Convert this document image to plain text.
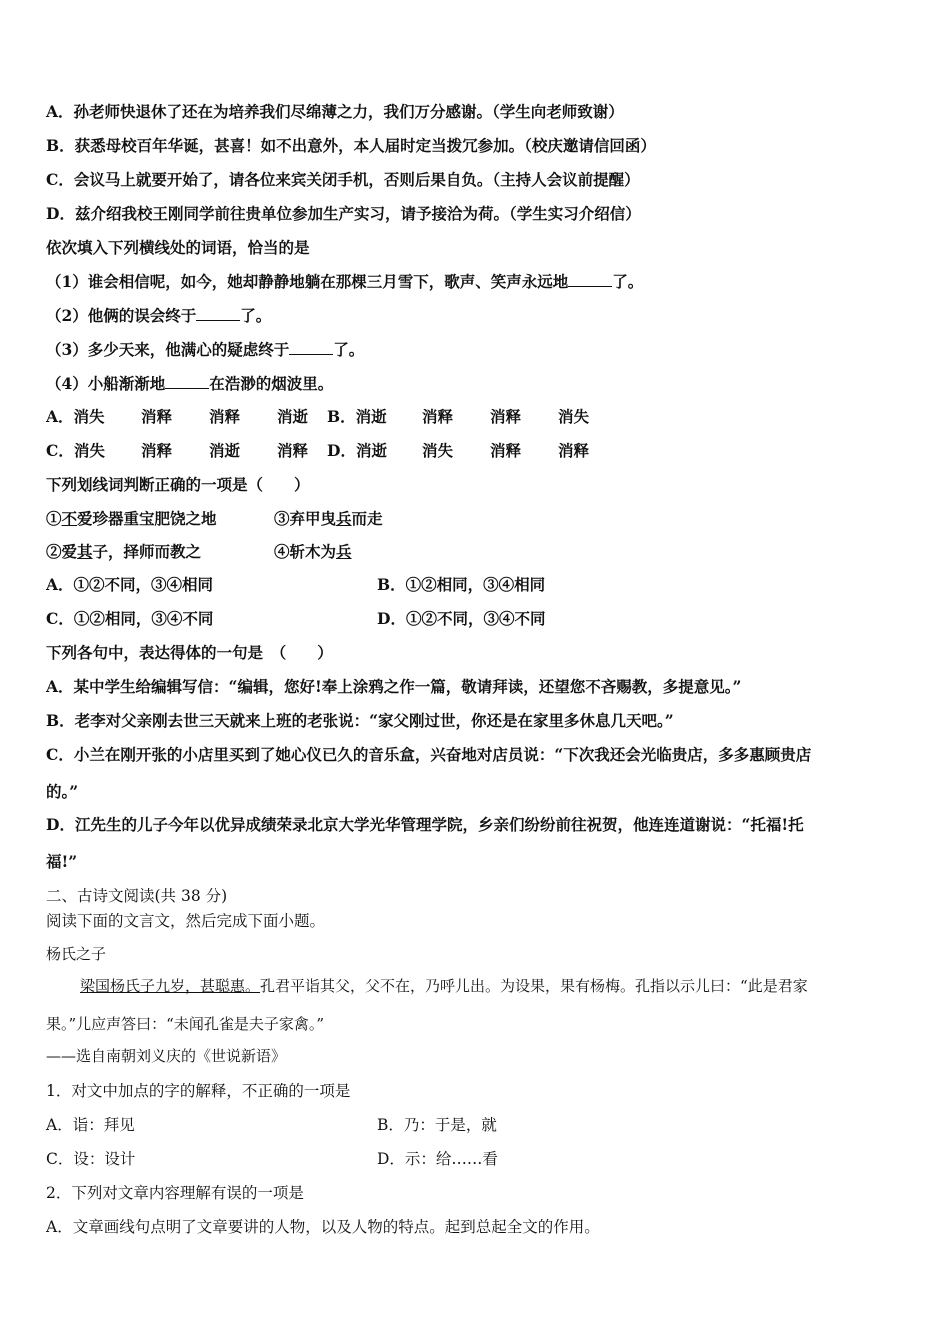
A．孙老师快退休了还在为培养我们尽绵薄之力，我们万分感谢。（学生向老师致谢）
B．获悉母校百年华诞，甚喜！如不出意外，本人届时定当拨冗参加。（校庆邀请信回函）
C．会议马上就要开始了，请各位来宾关闭手机，否则后果自负。（主持人会议前提醒）
D．兹介绍我校王刚同学前往贵单位参加生产实习，请予接洽为荷。（学生实习介绍信）
依次填入下列横线处的词语，恰当的是
（1）谁会相信呢，如今，她却静静地躺在那棵三月雪下，歌声、笑声永远地	了。
（2）他俩的误会终于	了。
（3）多少天来，他满心的疑虑终于	了。
（4）小船渐渐地	在浩渺的烟波里。
A．消失 消释 消释 消逝 B．消逝 消释 消释 消失
C．消失 消释 消逝 消释 D．消逝 消失 消释 消释
下列划线词判断正确的一项是（　　）
①不爱珍器重宝肥饶之地	③弃甲曳兵而走
②爱其子，择师而教之	④斩木为兵
A．①②不同，③④相同	B．①②相同，③④相同
C．①②相同，③④不同	D．①②不同，③④不同
下列各句中，表达得体的一句是　（　　）
A．某中学生给编辑写信：“编辑，您好!奉上涂鸦之作一篇，敬请拜读，还望您不吝赐教，多提意见。”
B．老李对父亲刚去世三天就来上班的老张说：“家父刚过世，你还是在家里多休息几天吧。”
C．小兰在刚开张的小店里买到了她心仪已久的音乐盒，兴奋地对店员说：“下次我还会光临贵店，多多惠顾贵店
的。”
D．江先生的儿子今年以优异成绩荣录北京大学光华管理学院，乡亲们纷纷前往祝贺，他连连道谢说：“托福!托
福!”
二、古诗文阅读(共 38 分)
阅读下面的文言文，然后完成下面小题。
杨氏之子
梁国杨氏子九岁，甚聪惠。孔君平诣其父，父不在，乃呼儿出。为设果，果有杨梅。孔指以示儿曰：“此是君家
果。”儿应声答曰：“未闻孔雀是夫子家禽。”
——选自南朝刘义庆的《世说新语》
1．对文中加点的字的解释，不正确的一项是
A．诣：拜见	B．乃：于是，就
C．设：设计	D．示：给……看
2．下列对文章内容理解有误的一项是
A．文章画线句点明了文章要讲的人物，以及人物的特点。起到总起全文的作用。
